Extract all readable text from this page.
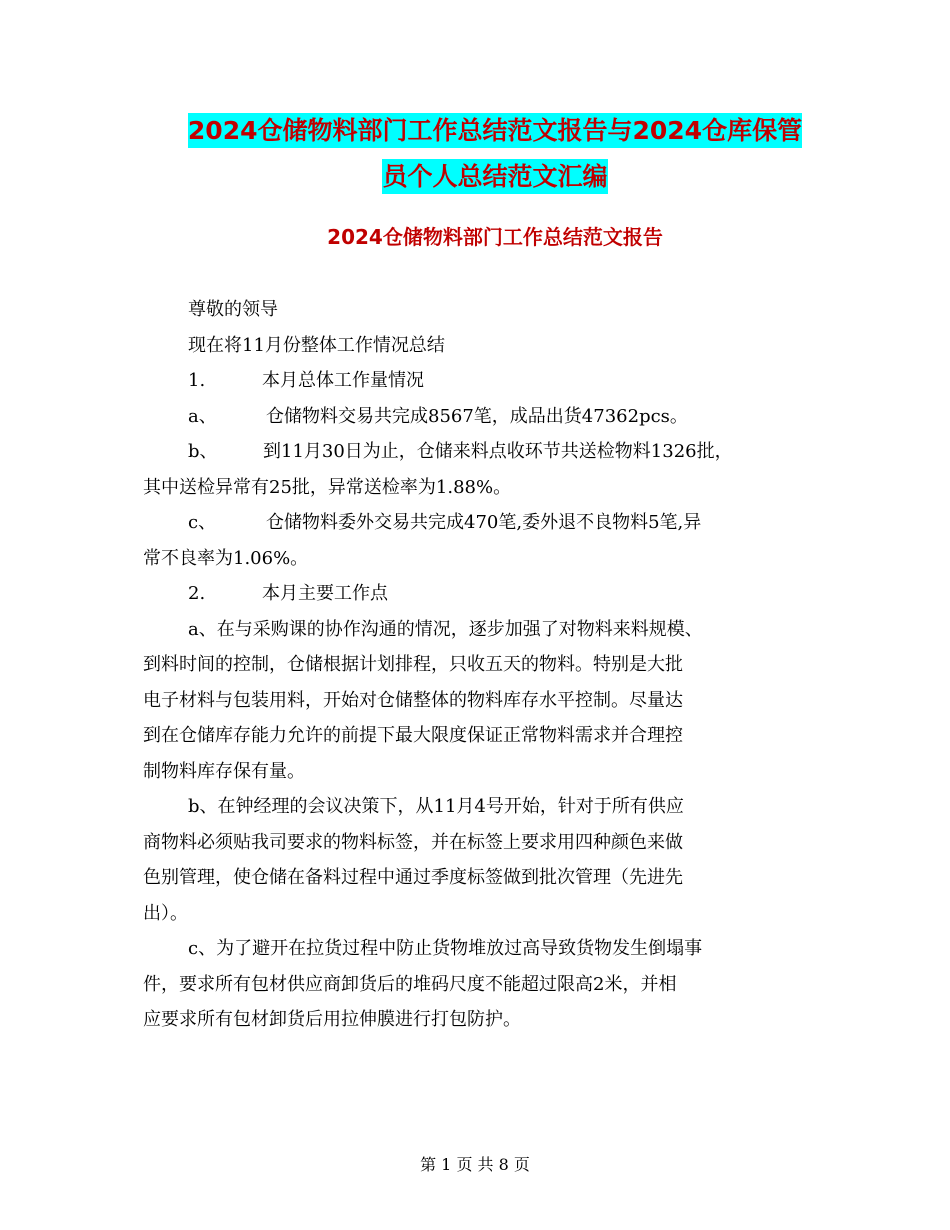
2024仓储物料部门工作总结范文报告与2024仓库保管
员个人总结范文汇编
2024仓储物料部门工作总结范文报告
尊敬的领导
现在将11月份整体工作情况总结
1.	本月总体工作量情况
a、	仓储物料交易共完成8567笔，成品出货47362pcs。
b、	到11月30日为止，仓储来料点收环节共送检物料1326批，
其中送检异常有25批，异常送检率为1.88%。
c、	仓储物料委外交易共完成470笔,委外退不良物料5笔,异
常不良率为1.06%。
2.	本月主要工作点
a、在与采购课的协作沟通的情况，逐步加强了对物料来料规模、
到料时间的控制，仓储根据计划排程，只收五天的物料。特别是大批
电子材料与包装用料，开始对仓储整体的物料库存水平控制。尽量达
到在仓储库存能力允许的前提下最大限度保证正常物料需求并合理控
制物料库存保有量。
b、在钟经理的会议决策下，从11月4号开始，针对于所有供应
商物料必须贴我司要求的物料标签，并在标签上要求用四种颜色来做
色别管理，使仓储在备料过程中通过季度标签做到批次管理（先进先
出）。
c、为了避开在拉货过程中防止货物堆放过高导致货物发生倒塌事
件，要求所有包材供应商卸货后的堆码尺度不能超过限高2米，并相
应要求所有包材卸货后用拉伸膜进行打包防护。
第 1 页 共 8 页
